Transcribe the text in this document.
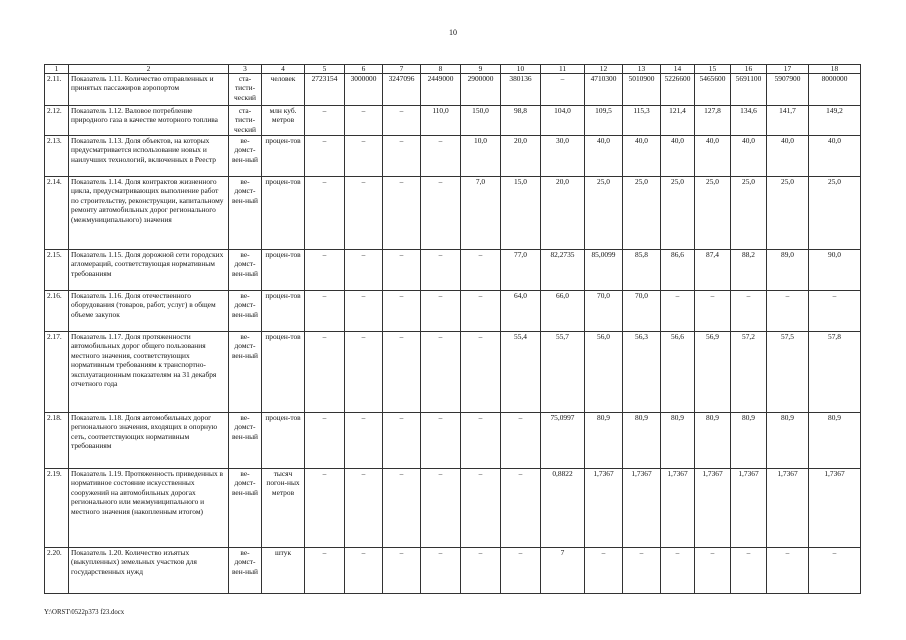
10
1	2	3	4	5	6	7	8	9	10	11	12	13	14	15	16	17	18
2.11.	Показатель 1.11. Количество отправленных и принятых пассажиров аэропортом	ста-тисти-ческий	человек	2723154	3000000	3247096	2449000	2900000	380136	–	4710300	5010900	5226600	5465600	5691100	5907900	8000000
2.12.	Показатель 1.12. Валовое потребление природного газа в качестве моторного топлива	ста-тисти-ческий	млн куб. метров	–	–	–	110,0	150,0	98,8	104,0	109,5	115,3	121,4	127,8	134,6	141,7	149,2
2.13.	Показатель 1.13. Доля объектов, на которых предусматривается использование новых и наилучших технологий, включенных в Реестр	ве-домст-вен-ный	процен-тов	–	–	–	–	10,0	20,0	30,0	40,0	40,0	40,0	40,0	40,0	40,0	40,0
2.14.	Показатель 1.14. Доля контрактов жизненного цикла, предусматривающих выполнение работ по строительству, реконструкции, капитальному ремонту автомобильных дорог регионального (межмуниципального) значения	ве-домст-вен-ный	процен-тов	–	–	–	–	7,0	15,0	20,0	25,0	25,0	25,0	25,0	25,0	25,0	25,0
2.15.	Показатель 1.15. Доля дорожной сети городских агломераций, соответствующая нормативным требованиям	ве-домст-вен-ный	процен-тов	–	–	–	–	–	77,0	82,2735	85,0099	85,8	86,6	87,4	88,2	89,0	90,0
2.16.	Показатель 1.16. Доля отечественного оборудования (товаров, работ, услуг) в общем объеме закупок	ве-домст-вен-ный	процен-тов	–	–	–	–	–	64,0	66,0	70,0	70,0	–	–	–	–	–
2.17.	Показатель 1.17. Доля протяженности автомобильных дорог общего пользования местного значения, соответствующих нормативным требованиям к транспортно-эксплуатационным показателям на 31 декабря отчетного года	ве-домст-вен-ный	процен-тов	–	–	–	–	–	55,4	55,7	56,0	56,3	56,6	56,9	57,2	57,5	57,8
2.18.	Показатель 1.18. Доля автомобильных дорог регионального значения, входящих в опорную сеть, соответствующих нормативным требованиям	ве-домст-вен-ный	процен-тов	–	–	–	–	–	–	75,0997	80,9	80,9	80,9	80,9	80,9	80,9	80,9
2.19.	Показатель 1.19. Протяженность приведенных в нормативное состояние искусственных сооружений на автомобильных дорогах регионального или межмуниципального и местного значения (накопленным итогом)	ве-домст-вен-ный	тысяч погон-ных метров	–	–	–	–	–	–	0,8822	1,7367	1,7367	1,7367	1,7367	1,7367	1,7367	1,7367
2.20.	Показатель 1.20. Количество изъятых (выкупленных) земельных участков для государственных нужд	ве-домст-вен-ный	штук	–	–	–	–	–	–	7	–	–	–	–	–	–	–
Y:\ORST\0522p373 f23.docx
